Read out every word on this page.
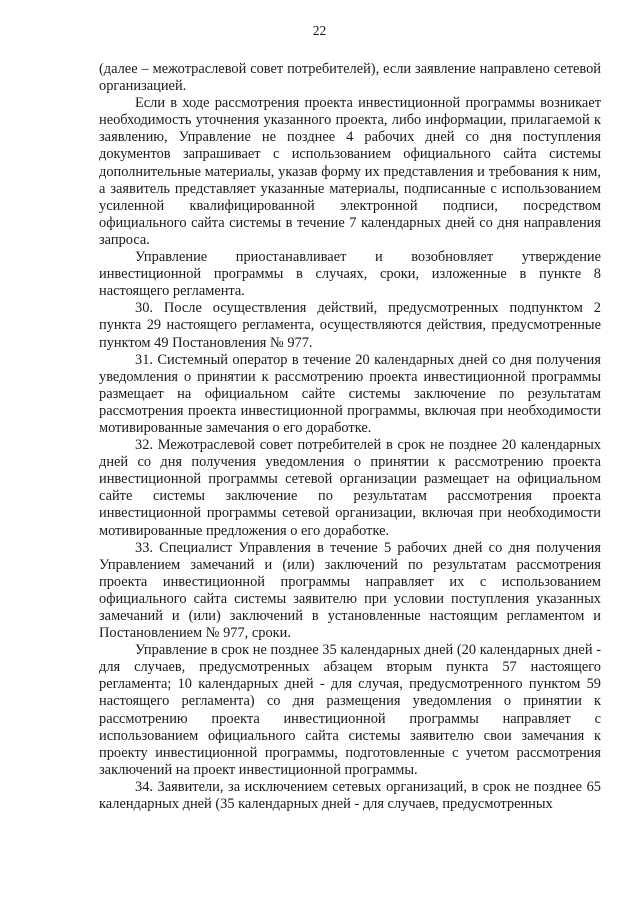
22

(далее – межотраслевой совет потребителей), если заявление направлено сетевой организацией.

Если в ходе рассмотрения проекта инвестиционной программы возникает необходимость уточнения указанного проекта, либо информации, прилагаемой к заявлению, Управление не позднее 4 рабочих дней со дня поступления документов запрашивает с использованием официального сайта системы дополнительные материалы, указав форму их представления и требования к ним, а заявитель представляет указанные материалы, подписанные с использованием усиленной квалифицированной электронной подписи, посредством официального сайта системы в течение 7 календарных дней со дня направления запроса.

Управление приостанавливает и возобновляет утверждение инвестиционной программы в случаях, сроки, изложенные в пункте 8 настоящего регламента.

30. После осуществления действий, предусмотренных подпунктом 2 пункта 29 настоящего регламента, осуществляются действия, предусмотренные пунктом 49 Постановления № 977.

31. Системный оператор в течение 20 календарных дней со дня получения уведомления о принятии к рассмотрению проекта инвестиционной программы размещает на официальном сайте системы заключение по результатам рассмотрения проекта инвестиционной программы, включая при необходимости мотивированные замечания о его доработке.

32. Межотраслевой совет потребителей в срок не позднее 20 календарных дней со дня получения уведомления о принятии к рассмотрению проекта инвестиционной программы сетевой организации размещает на официальном сайте системы заключение по результатам рассмотрения проекта инвестиционной программы сетевой организации, включая при необходимости мотивированные предложения о его доработке.

33. Специалист Управления в течение 5 рабочих дней со дня получения Управлением замечаний и (или) заключений по результатам рассмотрения проекта инвестиционной программы направляет их с использованием официального сайта системы заявителю при условии поступления указанных замечаний и (или) заключений в установленные настоящим регламентом и Постановлением № 977, сроки.

Управление в срок не позднее 35 календарных дней (20 календарных дней - для случаев, предусмотренных абзацем вторым пункта 57 настоящего регламента; 10 календарных дней - для случая, предусмотренного пунктом 59 настоящего регламента) со дня размещения уведомления о принятии к рассмотрению проекта инвестиционной программы направляет с использованием официального сайта системы заявителю свои замечания к проекту инвестиционной программы, подготовленные с учетом рассмотрения заключений на проект инвестиционной программы.

34. Заявители, за исключением сетевых организаций, в срок не позднее 65 календарных дней (35 календарных дней - для случаев, предусмотренных
